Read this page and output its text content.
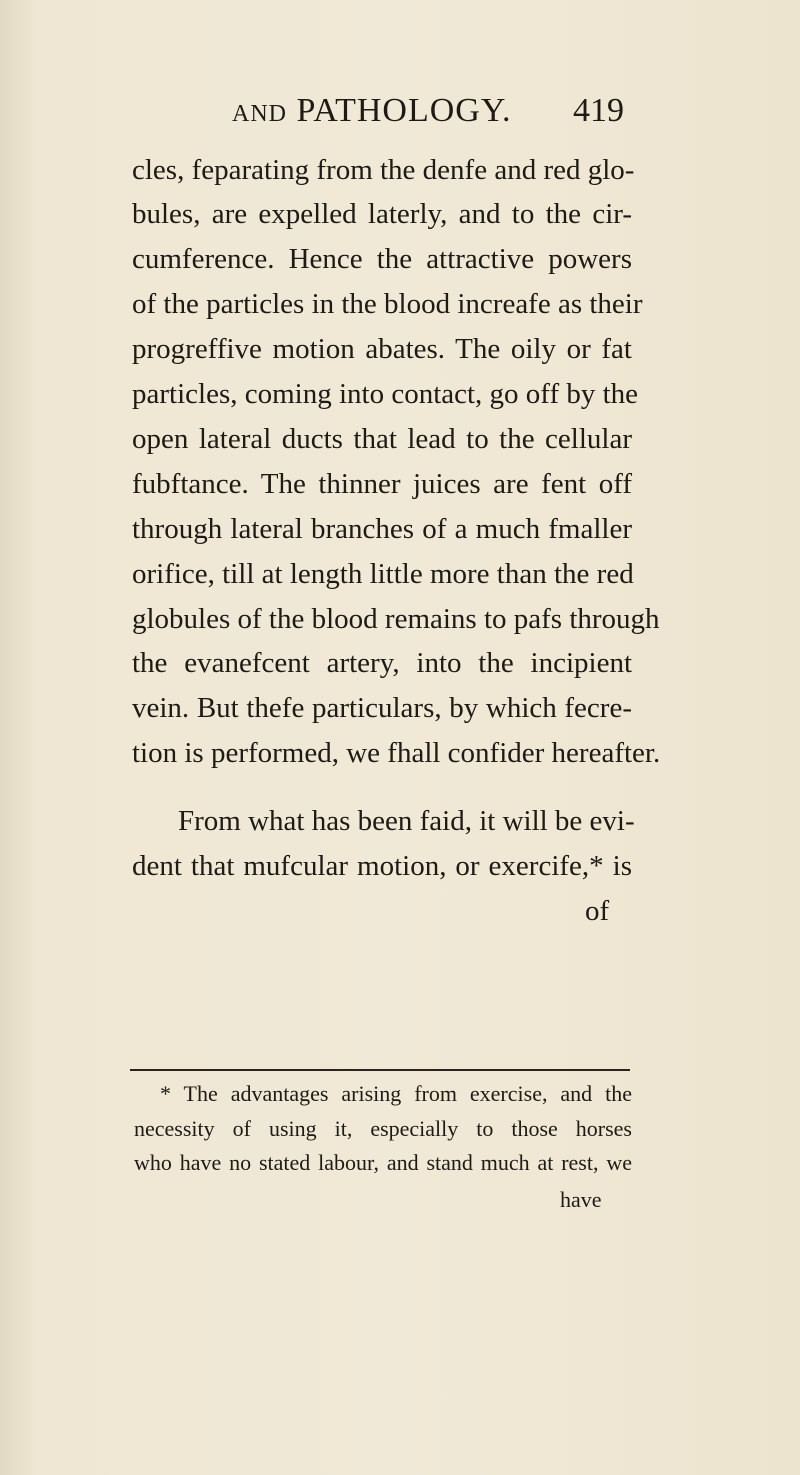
AND PATHOLOGY. 419
cles, feparating from the denfe and red glo-
bules, are expelled laterly, and to the cir-
cumference. Hence the attractive powers
of the particles in the blood increafe as their
progreffive motion abates. The oily or fat
particles, coming into contact, go off by the
open lateral ducts that lead to the cellular
fubftance. The thinner juices are fent off
through lateral branches of a much fmaller
orifice, till at length little more than the red
globules of the blood remains to pafs through
the evanefcent artery, into the incipient
vein. But thefe particulars, by which fecre-
tion is performed, we fhall confider hereafter.
From what has been faid, it will be evi-
dent that mufcular motion, or exercife,* is
of
* The advantages arising from exercise, and the
necessity of using it, especially to those horses
who have no stated labour, and stand much at rest, we
have
